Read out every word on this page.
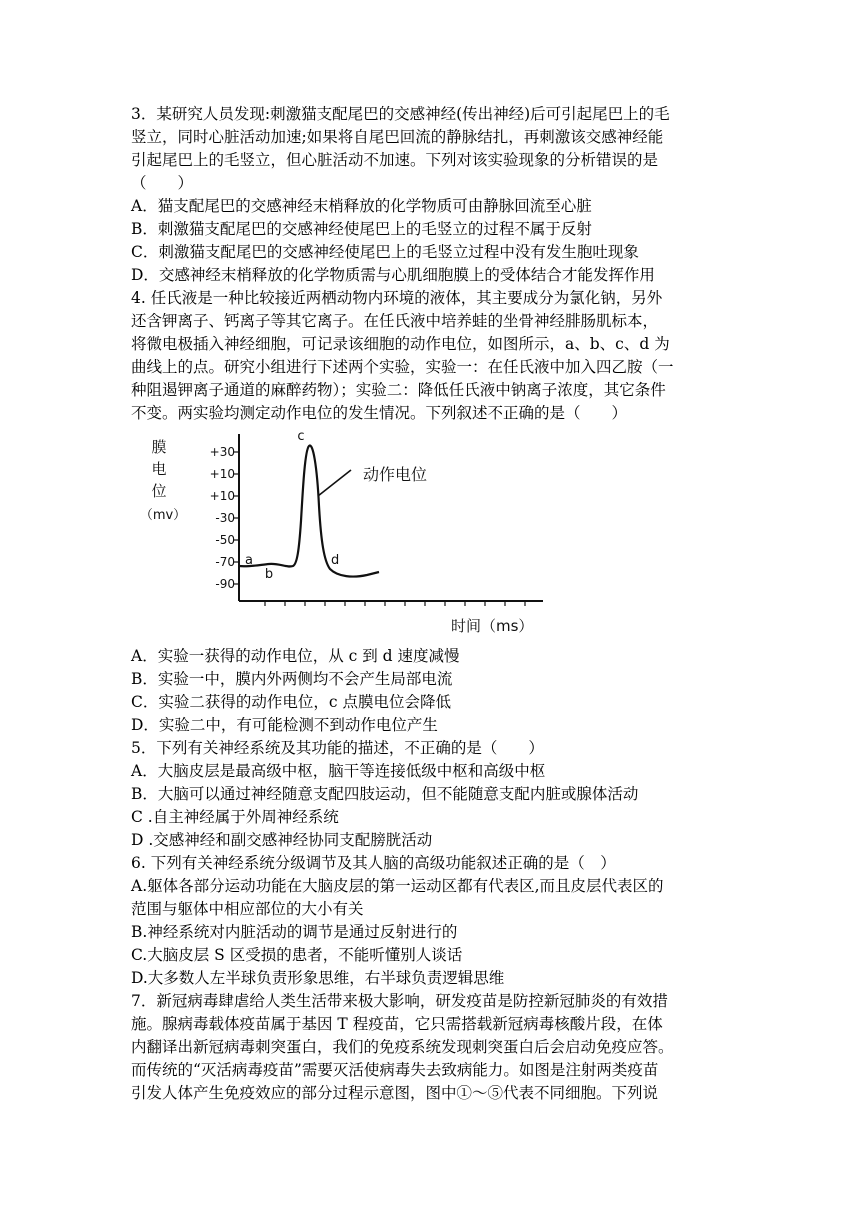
3．某研究人员发现:刺激猫支配尾巴的交感神经(传出神经)后可引起尾巴上的毛
竖立，同时心脏活动加速;如果将自尾巴回流的静脉结扎，再刺激该交感神经能
引起尾巴上的毛竖立，但心脏活动不加速。下列对该实验现象的分析错误的是
（　　）
A．猫支配尾巴的交感神经末梢释放的化学物质可由静脉回流至心脏
B．刺激猫支配尾巴的交感神经使尾巴上的毛竖立的过程不属于反射
C．刺激猫支配尾巴的交感神经使尾巴上的毛竖立过程中没有发生胞吐现象
D．交感神经末梢释放的化学物质需与心肌细胞膜上的受体结合才能发挥作用
4. 任氏液是一种比较接近两栖动物内环境的液体，其主要成分为氯化钠，另外
还含钾离子、钙离子等其它离子。在任氏液中培养蛙的坐骨神经腓肠肌标本，
将微电极插入神经细胞，可记录该细胞的动作电位，如图所示，a、b、c、d 为
曲线上的点。研究小组进行下述两个实验，实验一：在任氏液中加入四乙胺（一
种阻遏钾离子通道的麻醉药物）；实验二：降低任氏液中钠离子浓度，其它条件
不变。两实验均测定动作电位的发生情况。下列叙述不正确的是（　　）
膜
电
位
（mv）
+30
+10
+10
-30
-50
-70
-90
动作电位
c
a
b
d
时间（ms）
A．实验一获得的动作电位，从 c 到 d 速度减慢
B．实验一中，膜内外两侧均不会产生局部电流
C．实验二获得的动作电位，c 点膜电位会降低
D．实验二中，有可能检测不到动作电位产生
5．下列有关神经系统及其功能的描述，不正确的是（　　）
A．大脑皮层是最高级中枢，脑干等连接低级中枢和高级中枢
B．大脑可以通过神经随意支配四肢运动，但不能随意支配内脏或腺体活动
C .自主神经属于外周神经系统
D .交感神经和副交感神经协同支配膀胱活动
6. 下列有关神经系统分级调节及其人脑的高级功能叙述正确的是（　）
A.躯体各部分运动功能在大脑皮层的第一运动区都有代表区,而且皮层代表区的
范围与躯体中相应部位的大小有关
B.神经系统对内脏活动的调节是通过反射进行的
C.大脑皮层 S 区受损的患者，不能听懂别人谈话
D.大多数人左半球负责形象思维，右半球负责逻辑思维
7．新冠病毒肆虐给人类生活带来极大影响，研发疫苗是防控新冠肺炎的有效措
施。腺病毒载体疫苗属于基因 T 程疫苗，它只需搭载新冠病毒核酸片段，在体
内翻译出新冠病毒刺突蛋白，我们的免疫系统发现刺突蛋白后会启动免疫应答。
而传统的“灭活病毒疫苗”需要灭活使病毒失去致病能力。如图是注射两类疫苗
引发人体产生免疫效应的部分过程示意图，图中①～⑤代表不同细胞。下列说
